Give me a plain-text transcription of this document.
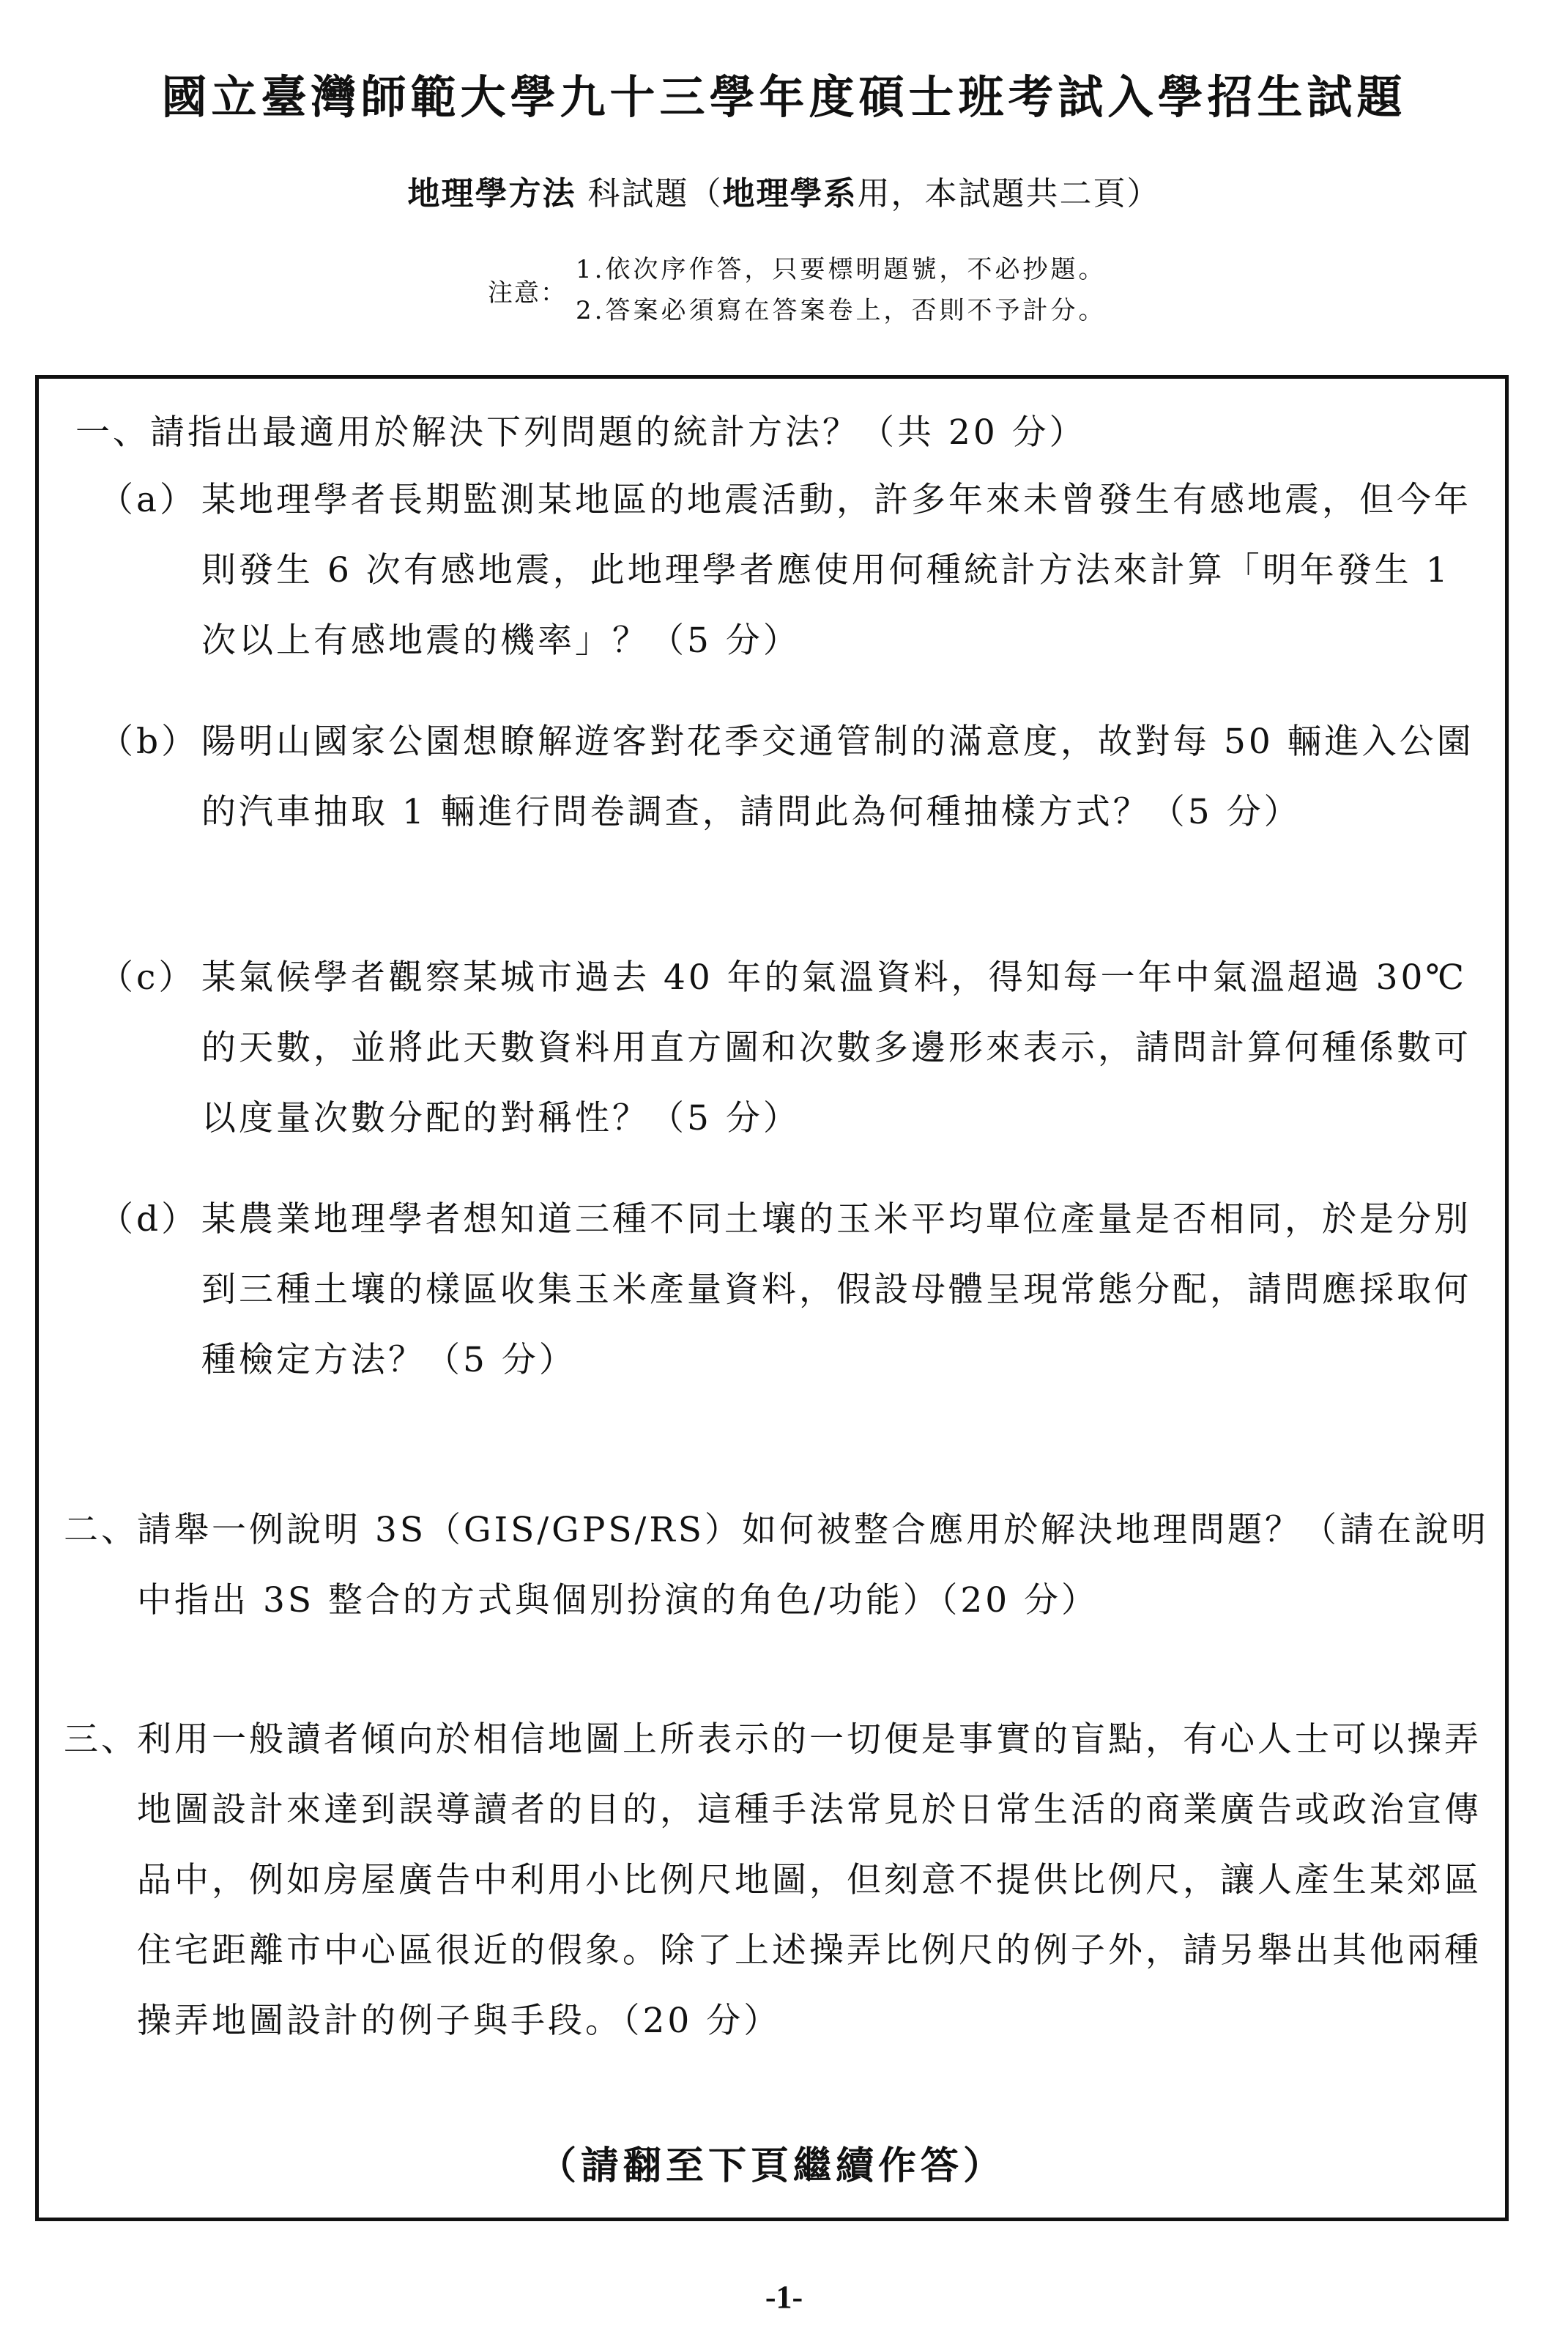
國立臺灣師範大學九十三學年度碩士班考試入學招生試題
地理學方法 科試題（地理學系用，本試題共二頁）
注意：
1.依次序作答，只要標明題號，不必抄題。
2.答案必須寫在答案卷上，否則不予計分。
一、請指出最適用於解決下列問題的統計方法？（共 20 分）
（a） 某地理學者長期監測某地區的地震活動，許多年來未曾發生有感地震，但今年則發生 6 次有感地震，此地理學者應使用何種統計方法來計算「明年發生 1 次以上有感地震的機率」？（5 分）
（b） 陽明山國家公園想瞭解遊客對花季交通管制的滿意度，故對每 50 輛進入公園的汽車抽取 1 輛進行問卷調查，請問此為何種抽樣方式？（5 分）
（c） 某氣候學者觀察某城市過去 40 年的氣溫資料，得知每一年中氣溫超過 30℃ 的天數，並將此天數資料用直方圖和次數多邊形來表示，請問計算何種係數可以度量次數分配的對稱性？（5 分）
（d） 某農業地理學者想知道三種不同土壤的玉米平均單位產量是否相同，於是分別到三種土壤的樣區收集玉米產量資料，假設母體呈現常態分配，請問應採取何種檢定方法？（5 分）
二、
請舉一例說明 3S（GIS/GPS/RS）如何被整合應用於解決地理問題？（請在說明中指出 3S 整合的方式與個別扮演的角色/功能）（20 分）
三、
利用一般讀者傾向於相信地圖上所表示的一切便是事實的盲點，有心人士可以操弄地圖設計來達到誤導讀者的目的，這種手法常見於日常生活的商業廣告或政治宣傳品中，例如房屋廣告中利用小比例尺地圖，但刻意不提供比例尺，讓人產生某郊區住宅距離市中心區很近的假象。除了上述操弄比例尺的例子外，請另舉出其他兩種操弄地圖設計的例子與手段。（20 分）
（請翻至下頁繼續作答）
-1-
